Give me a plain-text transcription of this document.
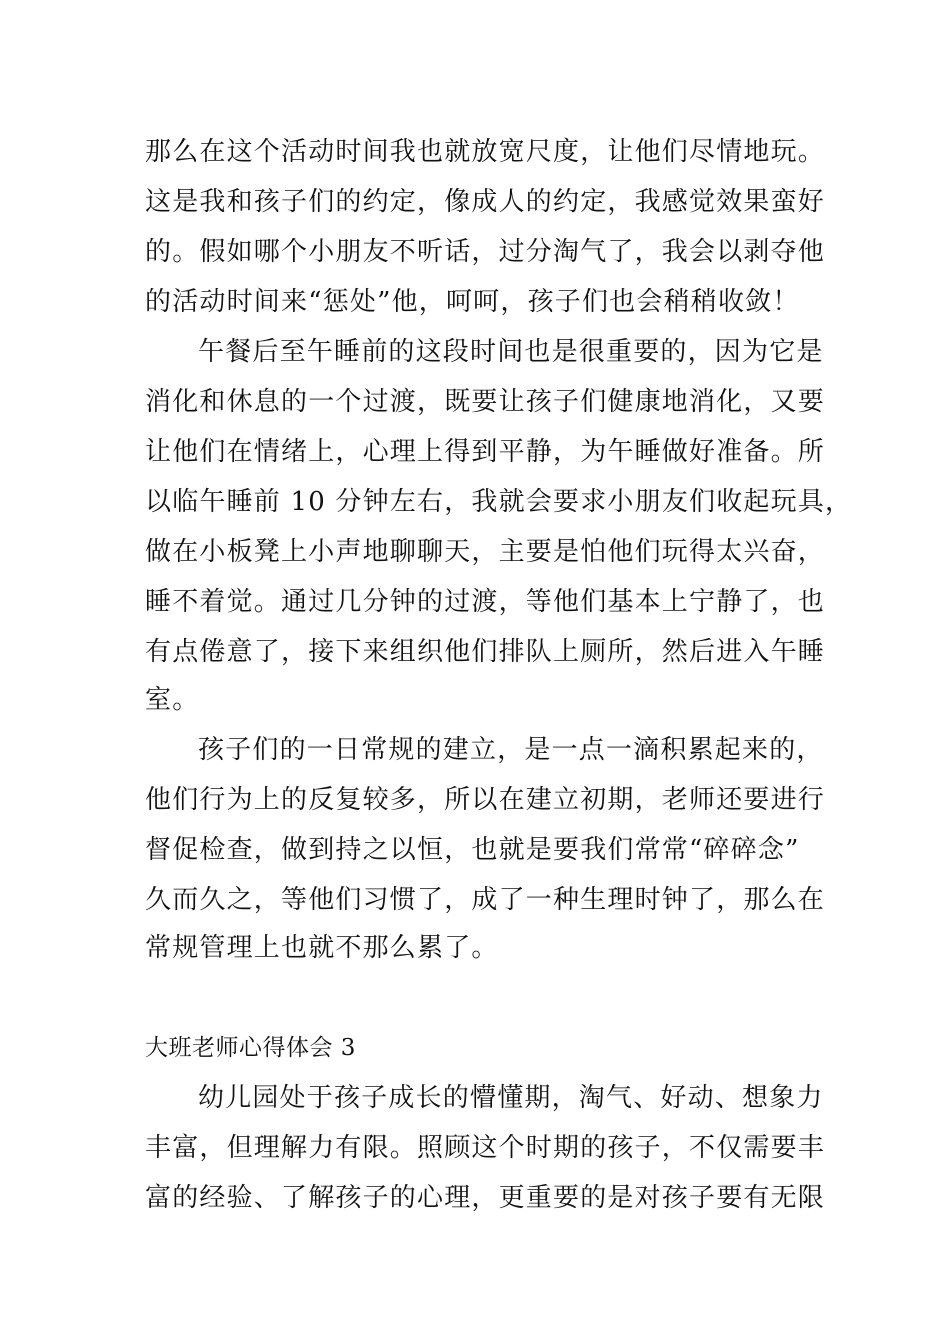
那么在这个活动时间我也就放宽尺度，让他们尽情地玩。
这是我和孩子们的约定，像成人的约定，我感觉效果蛮好
的。假如哪个小朋友不听话，过分淘气了，我会以剥夺他
的活动时间来“惩处”他，呵呵，孩子们也会稍稍收敛！
午餐后至午睡前的这段时间也是很重要的，因为它是
消化和休息的一个过渡，既要让孩子们健康地消化，又要
让他们在情绪上，心理上得到平静，为午睡做好准备。所
以临午睡前 10 分钟左右，我就会要求小朋友们收起玩具，
做在小板凳上小声地聊聊天，主要是怕他们玩得太兴奋，
睡不着觉。通过几分钟的过渡，等他们基本上宁静了，也
有点倦意了，接下来组织他们排队上厕所，然后进入午睡
室。
孩子们的一日常规的建立，是一点一滴积累起来的，
他们行为上的反复较多，所以在建立初期，老师还要进行
督促检查，做到持之以恒，也就是要我们常常“碎碎念”
久而久之，等他们习惯了，成了一种生理时钟了，那么在
常规管理上也就不那么累了。
大班老师心得体会 3
幼儿园处于孩子成长的懵懂期，淘气、好动、想象力
丰富，但理解力有限。照顾这个时期的孩子，不仅需要丰
富的经验、了解孩子的心理，更重要的是对孩子要有无限
